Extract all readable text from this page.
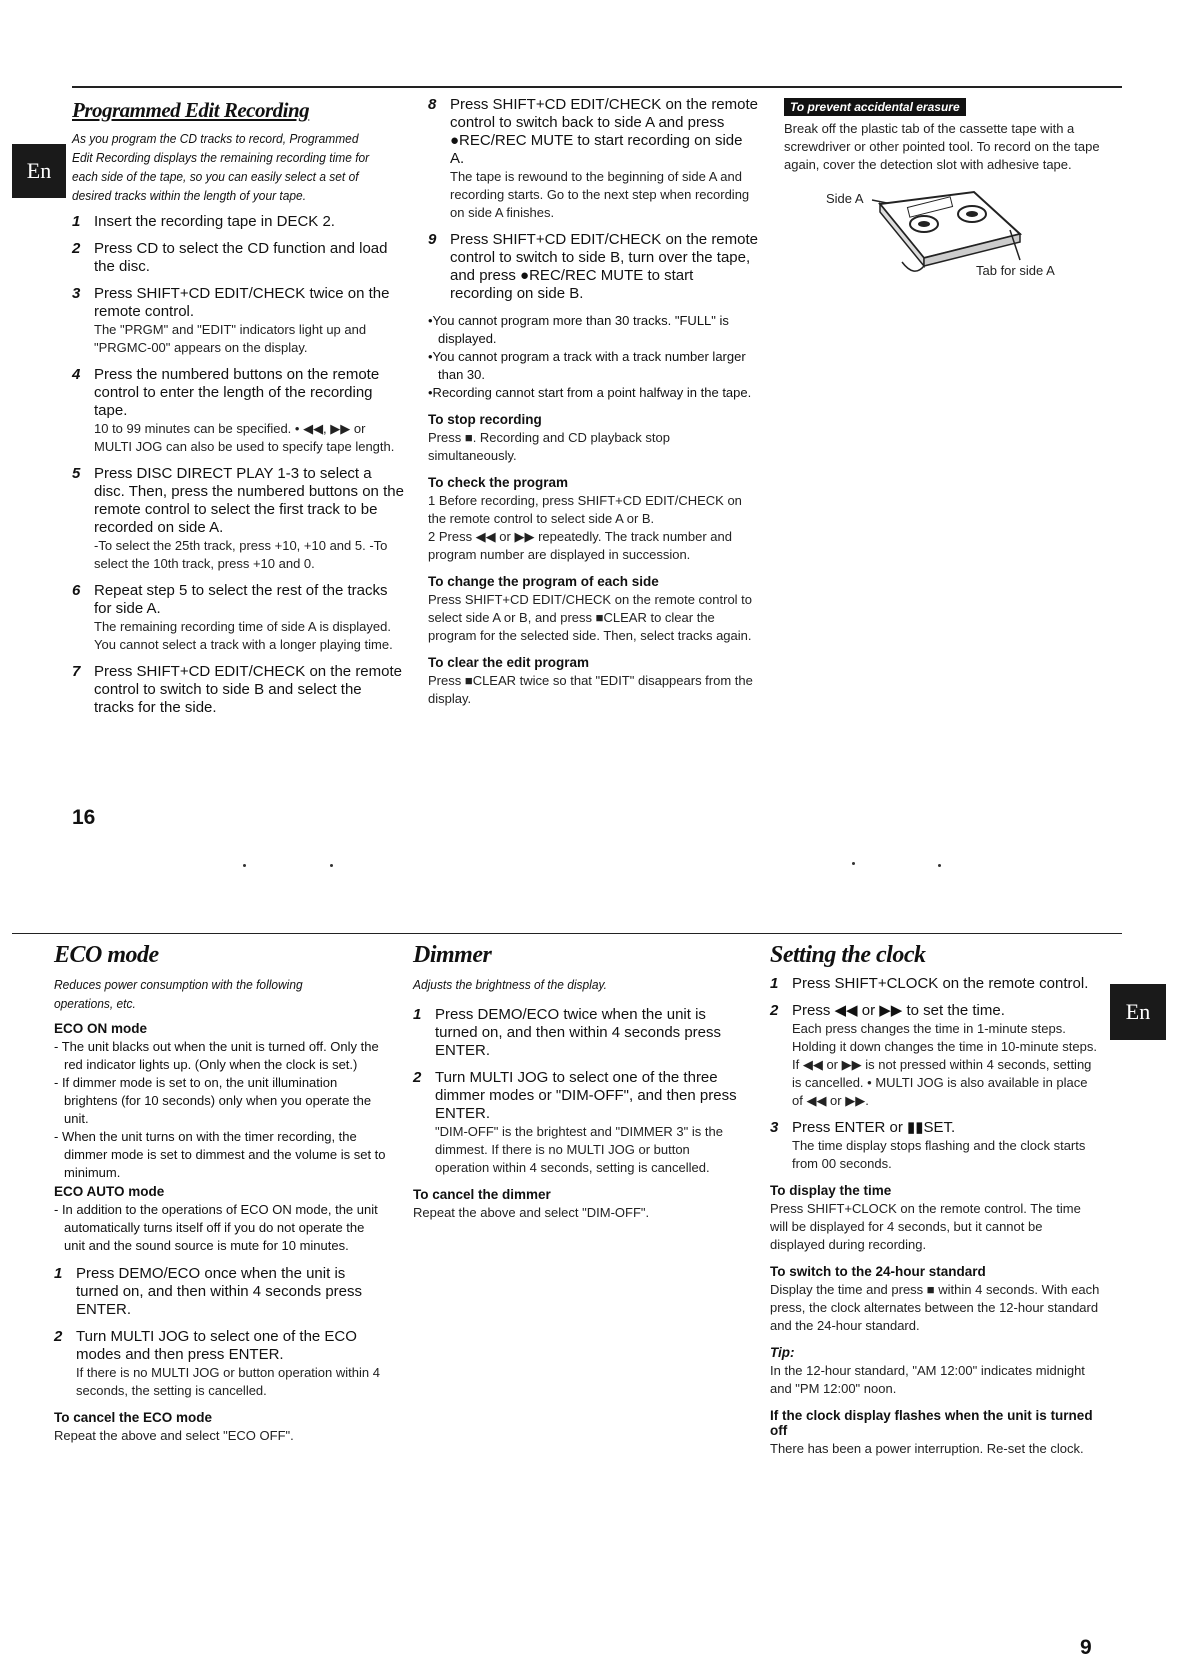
En
Programmed Edit Recording
As you program the CD tracks to record, Programmed Edit Recording displays the remaining recording time for each side of the tape, so you can easily select a set of desired tracks within the length of your tape.
1 Insert the recording tape in DECK 2.
2 Press CD to select the CD function and load the disc.
3 Press SHIFT+CD EDIT/CHECK twice on the remote control.
The "PRGM" and "EDIT" indicators light up and "PRGMC-00" appears on the display.
4 Press the numbered buttons on the remote control to enter the length of the recording tape.
10 to 99 minutes can be specified. • ◀◀, ▶▶ or MULTI JOG can also be used to specify tape length.
5 Press DISC DIRECT PLAY 1-3 to select a disc. Then, press the numbered buttons on the remote control to select the first track to be recorded on side A.
-To select the 25th track, press +10, +10 and 5. -To select the 10th track, press +10 and 0.
6 Repeat step 5 to select the rest of the tracks for side A.
The remaining recording time of side A is displayed. You cannot select a track with a longer playing time.
7 Press SHIFT+CD EDIT/CHECK on the remote control to switch to side B and select the tracks for the side.
8 Press SHIFT+CD EDIT/CHECK on the remote control to switch back to side A and press ●REC/REC MUTE to start recording on side A.
The tape is rewound to the beginning of side A and recording starts. Go to the next step when recording on side A finishes.
9 Press SHIFT+CD EDIT/CHECK on the remote control to switch to side B, turn over the tape, and press ●REC/REC MUTE to start recording on side B.
•You cannot program more than 30 tracks. "FULL" is displayed.
•You cannot program a track with a track number larger than 30.
•Recording cannot start from a point halfway in the tape.
To stop recording
Press ■. Recording and CD playback stop simultaneously.
To check the program
1 Before recording, press SHIFT+CD EDIT/CHECK on the remote control to select side A or B.
2 Press ◀◀ or ▶▶ repeatedly. The track number and program number are displayed in succession.
To change the program of each side
Press SHIFT+CD EDIT/CHECK on the remote control to select side A or B, and press ■CLEAR to clear the program for the selected side. Then, select tracks again.
To clear the edit program
Press ■CLEAR twice so that "EDIT" disappears from the display.
To prevent accidental erasure
Break off the plastic tab of the cassette tape with a screwdriver or other pointed tool. To record on the tape again, cover the detection slot with adhesive tape.
Side A
Tab for side A
16
En
ECO mode
Reduces power consumption with the following operations, etc.
ECO ON mode
- The unit blacks out when the unit is turned off. Only the red indicator lights up. (Only when the clock is set.)
- If dimmer mode is set to on, the unit illumination brightens (for 10 seconds) only when you operate the unit.
- When the unit turns on with the timer recording, the dimmer mode is set to dimmest and the volume is set to minimum.
ECO AUTO mode
- In addition to the operations of ECO ON mode, the unit automatically turns itself off if you do not operate the unit and the sound source is mute for 10 minutes.
1 Press DEMO/ECO once when the unit is turned on, and then within 4 seconds press ENTER.
2 Turn MULTI JOG to select one of the ECO modes and then press ENTER.
If there is no MULTI JOG or button operation within 4 seconds, the setting is cancelled.
To cancel the ECO mode
Repeat the above and select "ECO OFF".
Dimmer
Adjusts the brightness of the display.
1 Press DEMO/ECO twice when the unit is turned on, and then within 4 seconds press ENTER.
2 Turn MULTI JOG to select one of the three dimmer modes or "DIM-OFF", and then press ENTER.
"DIM-OFF" is the brightest and "DIMMER 3" is the dimmest. If there is no MULTI JOG or button operation within 4 seconds, setting is cancelled.
To cancel the dimmer
Repeat the above and select "DIM-OFF".
Setting the clock
1 Press SHIFT+CLOCK on the remote control.
2 Press ◀◀ or ▶▶ to set the time.
Each press changes the time in 1-minute steps. Holding it down changes the time in 10-minute steps. If ◀◀ or ▶▶ is not pressed within 4 seconds, setting is cancelled. • MULTI JOG is also available in place of ◀◀ or ▶▶.
3 Press ENTER or ▮▮SET.
The time display stops flashing and the clock starts from 00 seconds.
To display the time
Press SHIFT+CLOCK on the remote control. The time will be displayed for 4 seconds, but it cannot be displayed during recording.
To switch to the 24-hour standard
Display the time and press ■ within 4 seconds. With each press, the clock alternates between the 12-hour standard and the 24-hour standard.
Tip:
In the 12-hour standard, "AM 12:00" indicates midnight and "PM 12:00" noon.
If the clock display flashes when the unit is turned off
There has been a power interruption. Re-set the clock.
9
